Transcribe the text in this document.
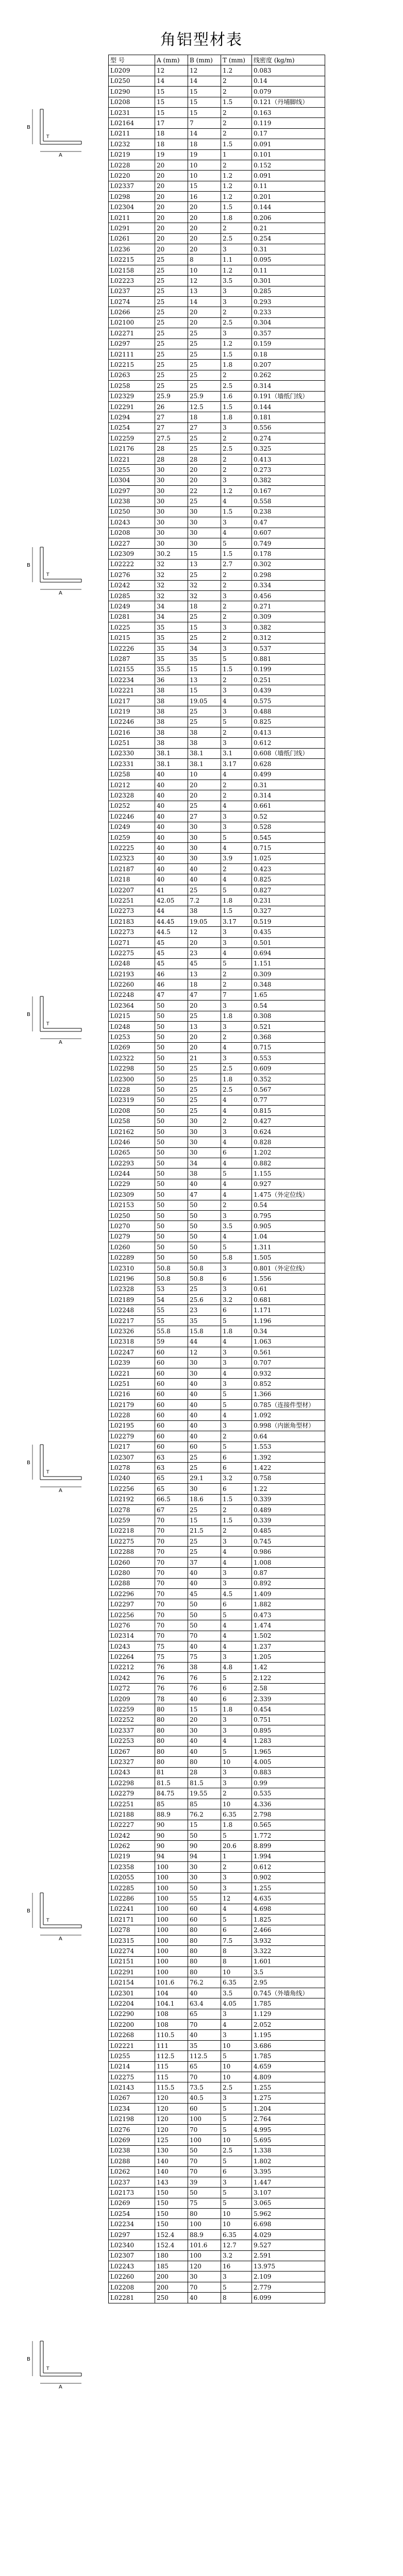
角铝型材表
B
A
T
型 号	A (mm)	B (mm)	T (mm)	线密度 (kg/m)
L0209	12	12	1.2	0.083
L0250	14	14	2	0.14
L0290	15	15	2	0.079
L0208	15	15	1.5	0.121（丹埔脚线）
L0231	15	15	2	0.163
L02164	17	7	2	0.119
L0211	18	14	2	0.17
L0232	18	18	1.5	0.091
L0219	19	19	1	0.101
L0228	20	10	2	0.152
L0220	20	10	1.2	0.091
L02337	20	15	1.2	0.11
L0298	20	16	1.2	0.201
L02304	20	20	1.5	0.144
L0211	20	20	1.8	0.206
L0291	20	20	2	0.21
L0261	20	20	2.5	0.254
L0236	20	20	3	0.31
L02215	25	8	1.1	0.095
L02158	25	10	1.2	0.11
L02223	25	12	3.5	0.301
L0237	25	13	3	0.285
L0274	25	14	3	0.293
L0266	25	20	2	0.233
L02100	25	20	2.5	0.304
L02271	25	25	3	0.357
L0297	25	25	1.2	0.159
L02111	25	25	1.5	0.18
L02215	25	25	1.8	0.207
L0263	25	25	2	0.262
L0258	25	25	2.5	0.314
L02329	25.9	25.9	1.6	0.191（墙纸门线）
L02291	26	12.5	1.5	0.144
L0294	27	18	1.8	0.181
L0254	27	27	3	0.556
L02259	27.5	25	2	0.274
L02176	28	25	2.5	0.325
L0221	28	28	2	0.413
L0255	30	20	2	0.273
L0304	30	20	3	0.382
L0297	30	22	1.2	0.167
L0238	30	25	4	0.558
L0250	30	30	1.5	0.238
L0243	30	30	3	0.47
L0208	30	30	4	0.607
L0227	30	30	5	0.749
L02309	30.2	15	1.5	0.178
L02222	32	13	2.7	0.302
L0276	32	25	2	0.298
L0242	32	32	2	0.334
L0285	32	32	3	0.456
L0249	34	18	2	0.271
L0281	34	25	2	0.309
L0225	35	15	3	0.382
L0215	35	25	2	0.312
L02226	35	34	3	0.537
L0287	35	35	5	0.881
L02155	35.5	15	1.5	0.199
L02234	36	13	2	0.251
L02221	38	15	3	0.439
L0217	38	19.05	4	0.575
L0219	38	25	3	0.488
L02246	38	25	5	0.825
L0216	38	38	2	0.413
L0251	38	38	3	0.612
L02330	38.1	38.1	3.1	0.608（墙纸门线）
L02331	38.1	38.1	3.17	0.628
L0258	40	10	4	0.499
L0212	40	20	2	0.31
L02328	40	20	2	0.314
L0252	40	25	4	0.661
L02246	40	27	3	0.52
L0249	40	30	3	0.528
L0259	40	30	5	0.545
L02225	40	30	4	0.715
L02323	40	30	3.9	1.025
L02187	40	40	2	0.423
L0218	40	40	4	0.825
L02207	41	25	5	0.827
L02251	42.05	7.2	1.8	0.231
L02273	44	38	1.5	0.327
L02183	44.45	19.05	3.17	0.519
L02273	44.5	12	3	0.435
L0271	45	20	3	0.501
L02275	45	23	4	0.694
L0248	45	45	5	1.151
L02193	46	13	2	0.309
L02260	46	18	2	0.348
L02248	47	47	7	1.65
L02364	50	20	3	0.54
L0215	50	25	1.8	0.308
L0248	50	13	3	0.521
L0253	50	20	2	0.368
L0269	50	20	4	0.715
L02322	50	21	3	0.553
L02298	50	25	2.5	0.609
L02300	50	25	1.8	0.352
L0228	50	25	2.5	0.567
L02319	50	25	4	0.77
L0208	50	25	4	0.815
L0258	50	30	2	0.427
L02162	50	30	3	0.624
L0246	50	30	4	0.828
L0265	50	30	6	1.202
L02293	50	34	4	0.882
L0244	50	38	5	1.155
L0229	50	40	4	0.927
L02309	50	47	4	1.475（外定位线）
L02153	50	50	2	0.54
L0250	50	50	3	0.795
L0270	50	50	3.5	0.905
L0279	50	50	4	1.04
L0260	50	50	5	1.311
L02289	50	50	5.8	1.505
L02310	50.8	50.8	3	0.801（外定位线）
L02196	50.8	50.8	6	1.556
L02328	53	25	3	0.61
L02189	54	25.6	3.2	0.681
L02248	55	23	6	1.171
L02217	55	35	5	1.196
L02326	55.8	15.8	1.8	0.34
L02318	59	44	4	1.063
L02247	60	12	3	0.561
L0239	60	30	3	0.707
L0221	60	30	4	0.932
L0251	60	40	3	0.852
L0216	60	40	5	1.366
L02179	60	40	5	0.785（连接件型材）
L0228	60	40	4	1.092
L02195	60	40	3	0.998（内嵌角型材）
L02279	60	40	2	0.64
L0217	60	60	5	1.553
L02307	63	25	6	1.392
L0278	63	25	6	1.422
L0240	65	29.1	3.2	0.758
L02256	65	30	6	1.22
L02192	66.5	18.6	1.5	0.339
L0278	67	25	2	0.489
L0259	70	15	1.5	0.339
L02218	70	21.5	2	0.485
L02275	70	25	3	0.745
L02288	70	25	4	0.986
L0260	70	37	4	1.008
L0280	70	40	3	0.87
L0288	70	40	3	0.892
L02296	70	45	4.5	1.409
L02297	70	50	6	1.882
L02256	70	50	5	0.473
L0276	70	50	4	1.474
L02314	70	70	4	1.502
L0243	75	40	4	1.237
L02264	75	75	3	1.205
L02212	76	38	4.8	1.42
L0242	76	76	5	2.122
L0272	76	76	6	2.58
L0209	78	40	6	2.339
L02259	80	15	1.8	0.454
L02252	80	20	3	0.751
L02337	80	30	3	0.895
L02253	80	40	4	1.283
L0267	80	40	5	1.965
L02327	80	80	10	4.005
L0243	81	28	3	0.883
L02298	81.5	81.5	3	0.99
L02279	84.75	19.55	2	0.535
L02251	85	85	10	4.336
L02188	88.9	76.2	6.35	2.798
L02227	90	15	1.8	0.565
L0242	90	50	5	1.772
L0262	90	90	20.6	8.899
L0219	94	94	1	1.994
L02358	100	30	2	0.612
L02055	100	30	3	0.902
L02285	100	50	3	1.255
L02286	100	55	12	4.635
L02241	100	60	4	4.698
L02171	100	60	5	1.825
L0278	100	80	6	2.466
L02315	100	80	7.5	3.932
L02274	100	80	8	3.322
L02151	100	80	8	1.601
L02291	100	80	10	3.5
L02154	101.6	76.2	6.35	2.95
L02301	104	40	3.5	0.745（外墙角线）
L02204	104.1	63.4	4.05	1.785
L02290	108	65	3	1.129
L02200	108	70	4	2.052
L02268	110.5	40	3	1.195
L02221	111	35	10	3.686
L0255	112.5	112.5	5	1.785
L0214	115	65	10	4.659
L02275	115	70	10	4.809
L02143	115.5	73.5	2.5	1.255
L0267	120	40.5	3	1.275
L0234	120	60	5	1.204
L02198	120	100	5	2.764
L0276	120	70	5	4.995
L0269	125	100	10	5.695
L0238	130	50	2.5	1.338
L0288	140	70	5	1.802
L0262	140	70	6	3.395
L0237	143	39	3	1.447
L02173	150	50	5	3.107
L0269	150	75	5	3.065
L0254	150	80	10	5.962
L02234	150	100	10	6.698
L0297	152.4	88.9	6.35	4.029
L02340	152.4	101.6	12.7	9.527
L02307	180	100	3.2	2.591
L02243	185	120	16	13.975
L02260	200	30	3	2.109
L02208	200	70	5	2.779
L02281	250	40	8	6.099
B
A
T
B
A
T
B
A
T
B
A
T
B
A
T
